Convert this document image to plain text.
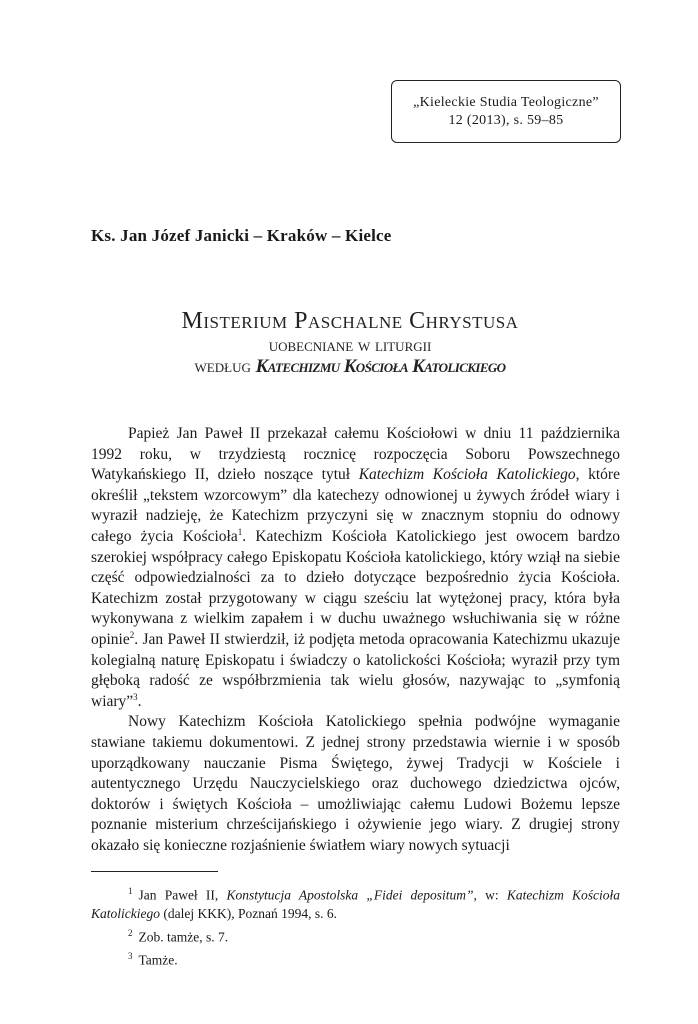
„Kieleckie Studia Teologiczne”
12 (2013), s. 59–85
Ks. Jan Józef Janicki – Kraków – Kielce
Misterium Paschalne Chrystusa
uobecniane w liturgii
według Katechizmu Kościoła Katolickiego

Papież Jan Paweł II przekazał całemu Kościołowi w dniu 11 października 1992 roku, w trzydziestą rocznicę rozpoczęcia Soboru Powszechnego Watykańskiego II, dzieło noszące tytuł Katechizm Kościoła Katolickiego, które określił „tekstem wzorcowym” dla katechezy odnowionej u żywych źródeł wiary i wyraził nadzieję, że Katechizm przyczyni się w znacznym stopniu do odnowy całego życia Kościoła$^1$. Katechizm Kościoła Katolickiego jest owocem bardzo szerokiej współpracy całego Episkopatu Kościoła katolickiego, który wziął na siebie część odpowiedzialności za to dzieło dotyczące bezpośrednio życia Kościoła. Katechizm został przygotowany w ciągu sześciu lat wytężonej pracy, która była wykonywana z wielkim zapałem i w duchu uważnego wsłuchiwania się w różne opinie$^2$. Jan Paweł II stwierdził, iż podjęta metoda opracowania Katechizmu ukazuje kolegialną naturę Episkopatu i świadczy o katolickości Kościoła; wyraził przy tym głęboką radość ze współbrzmienia tak wielu głosów, nazywając to „symfonią wiary”$^3$.

Nowy Katechizm Kościoła Katolickiego spełnia podwójne wymaganie stawiane takiemu dokumentowi. Z jednej strony przedstawia wiernie i w sposób uporządkowany nauczanie Pisma Świętego, żywej Tradycji w Kościele i autentycznego Urzędu Nauczycielskiego oraz duchowego dziedzictwa ojców, doktorów i świętych Kościoła – umożliwiając całemu Ludowi Bożemu lepsze poznanie misterium chrześcijańskiego i ożywienie jego wiary. Z drugiej strony okazało się konieczne rozjaśnienie światłem wiary nowych sytuacji

$^1$ Jan Paweł II, Konstytucja Apostolska „Fidei depositum”, w: Katechizm Kościoła Katolickiego (dalej KKK), Poznań 1994, s. 6.

$^2$ Zob. tamże, s. 7.

$^3$ Tamże.
